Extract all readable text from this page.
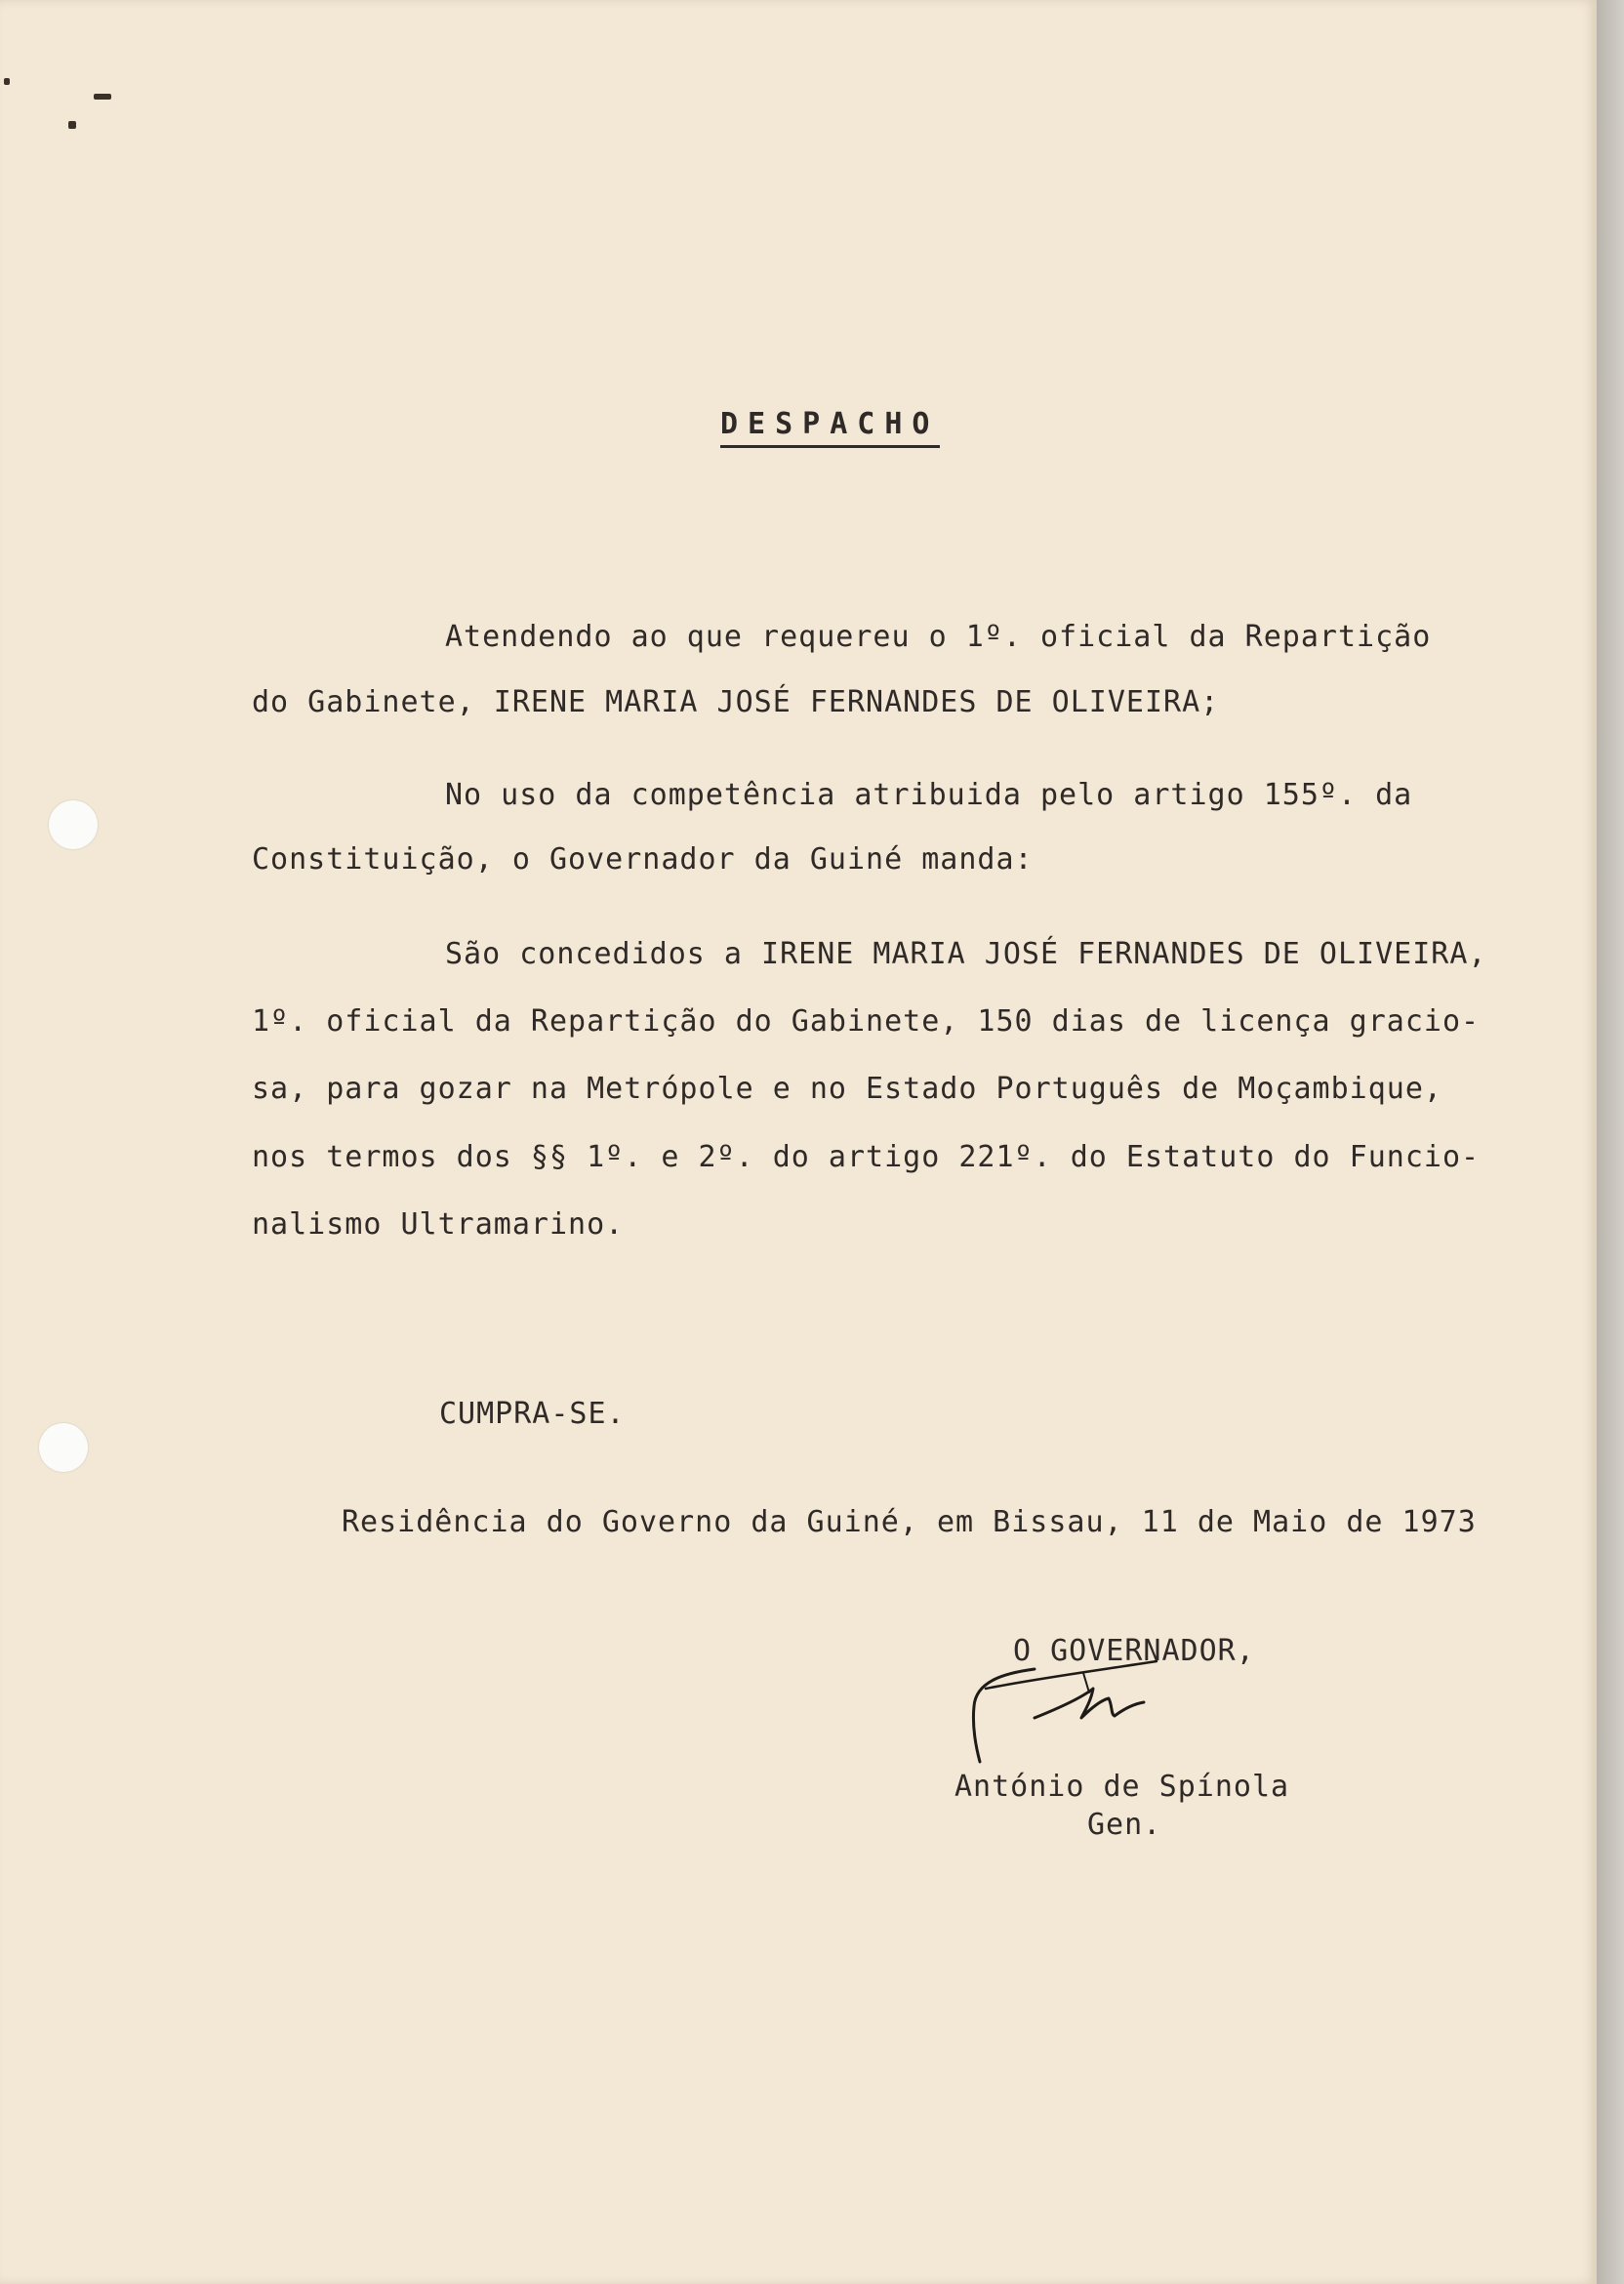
DESPACHO
Atendendo ao que requereu o 1º. oficial da Repartição
do Gabinete, IRENE MARIA JOSÉ FERNANDES DE OLIVEIRA;
No uso da competência atribuida pelo artigo 155º. da
Constituição, o Governador da Guiné manda:
São concedidos a IRENE MARIA JOSÉ FERNANDES DE OLIVEIRA,
1º. oficial da Repartição do Gabinete, 150 dias de licença gracio-
sa, para gozar na Metrópole e no Estado Português de Moçambique,
nos termos dos §§ 1º. e 2º. do artigo 221º. do Estatuto do Funcio-
nalismo Ultramarino.
CUMPRA-SE.
Residência do Governo da Guiné, em Bissau, 11 de Maio de 1973
O GOVERNADOR,
António de Spínola
Gen.
